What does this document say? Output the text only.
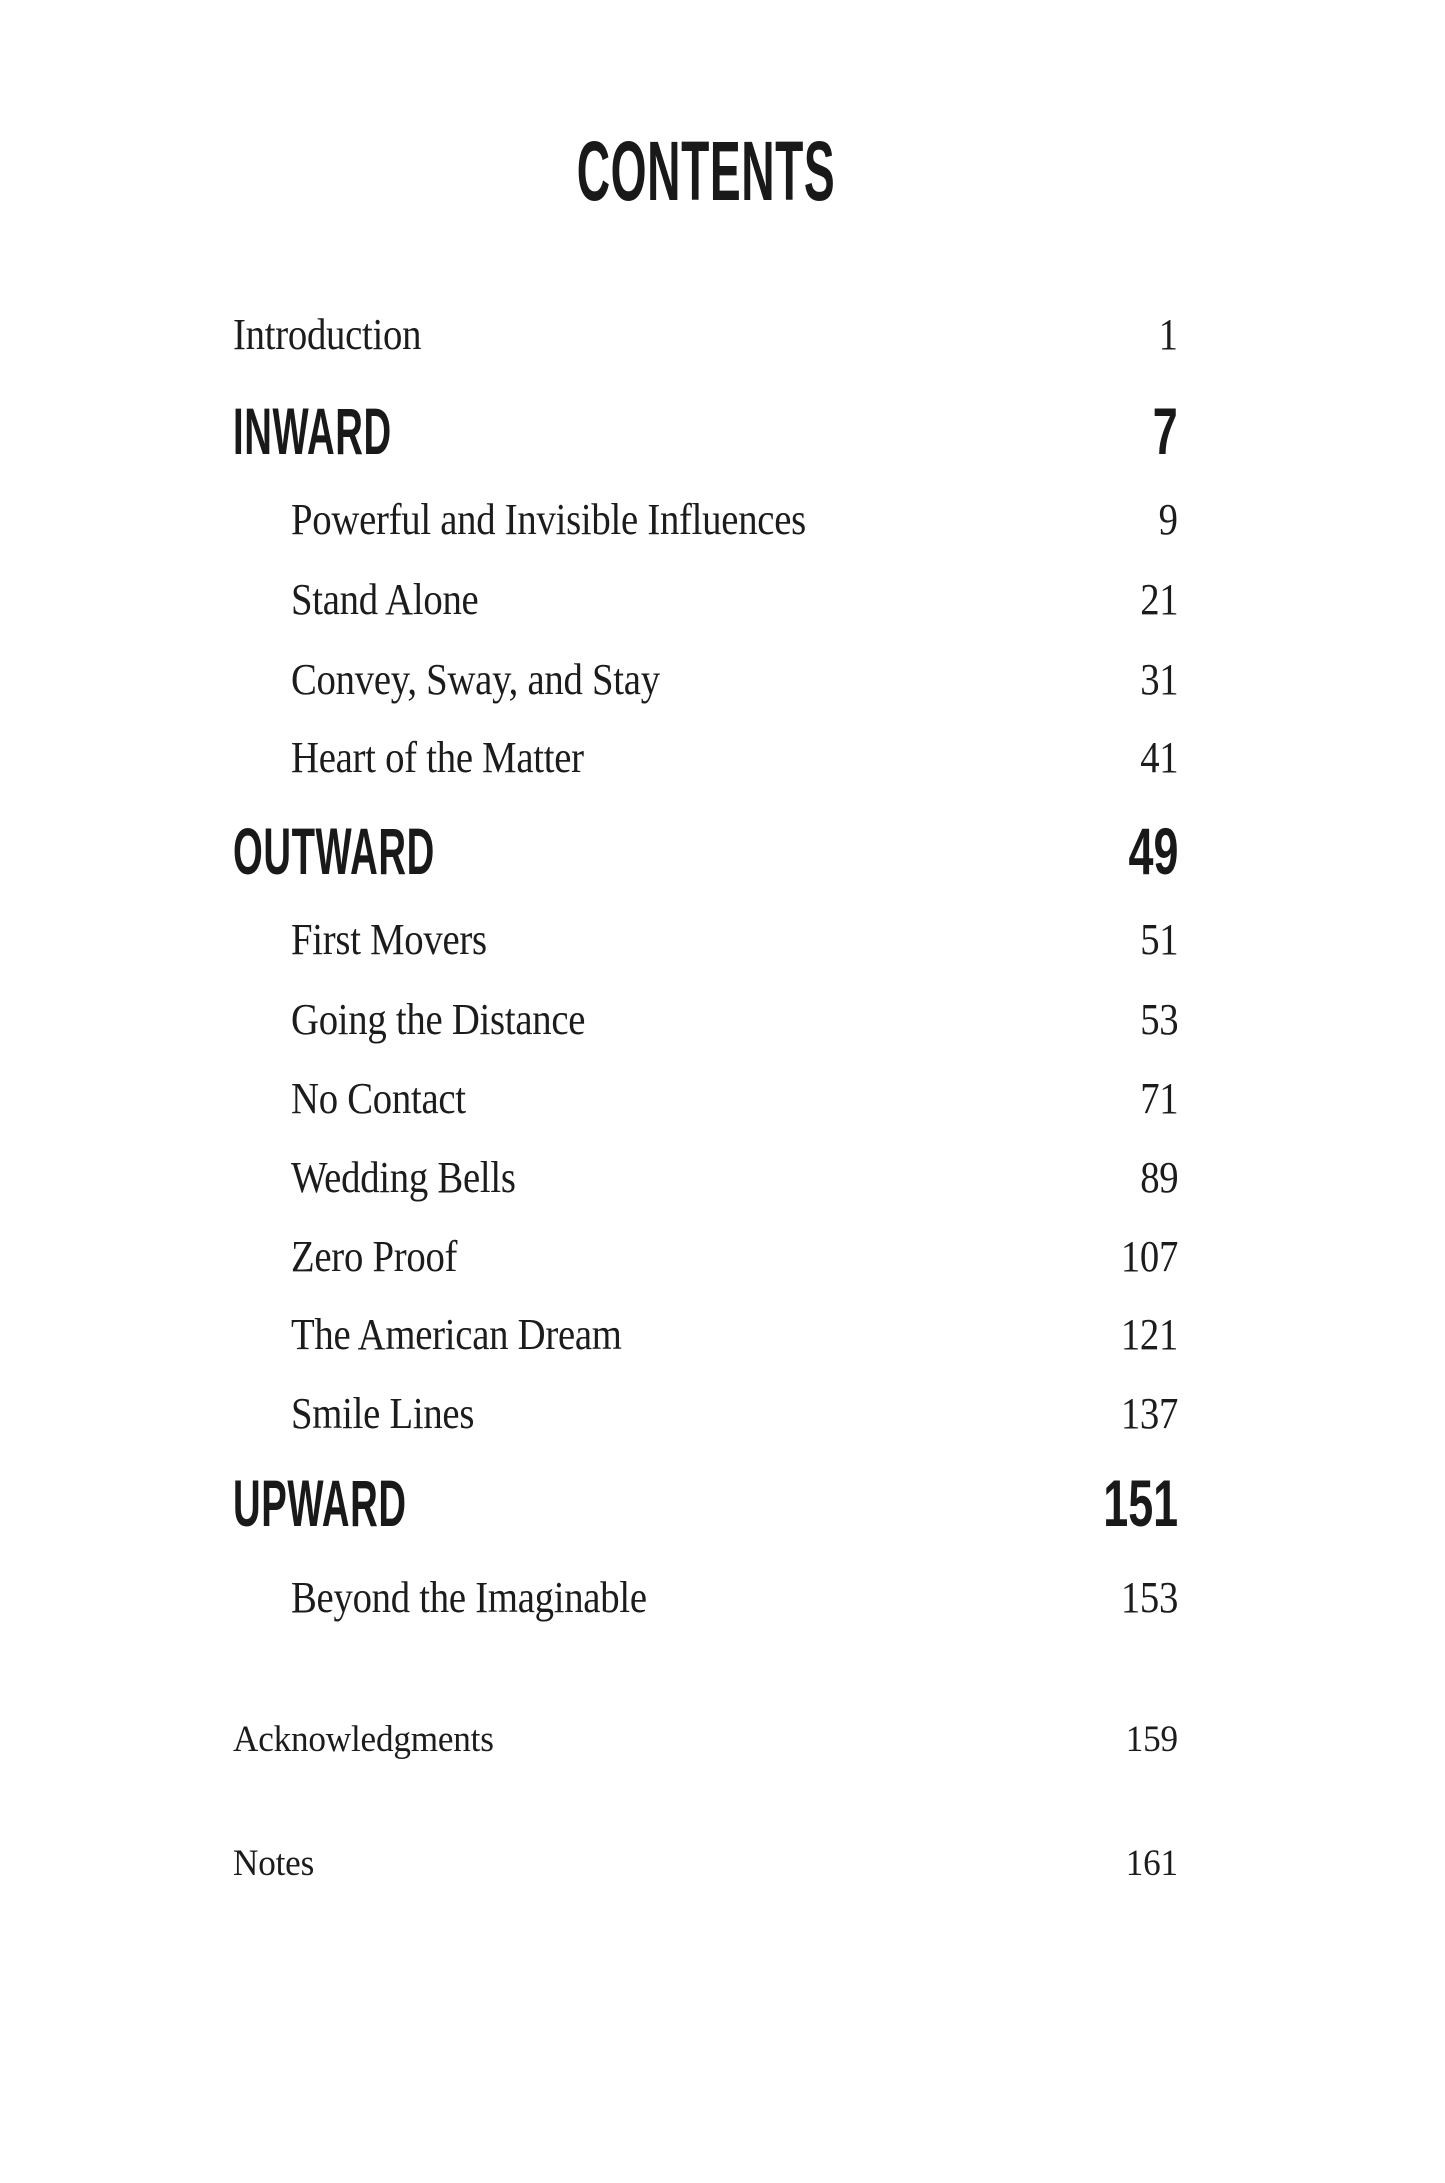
CONTENTS
Introduction	1
INWARD	7
Powerful and Invisible Influences	9
Stand Alone	21
Convey, Sway, and Stay	31
Heart of the Matter	41
OUTWARD	49
First Movers	51
Going the Distance	53
No Contact	71
Wedding Bells	89
Zero Proof	107
The American Dream	121
Smile Lines	137
UPWARD	151
Beyond the Imaginable	153
Acknowledgments	159
Notes	161
